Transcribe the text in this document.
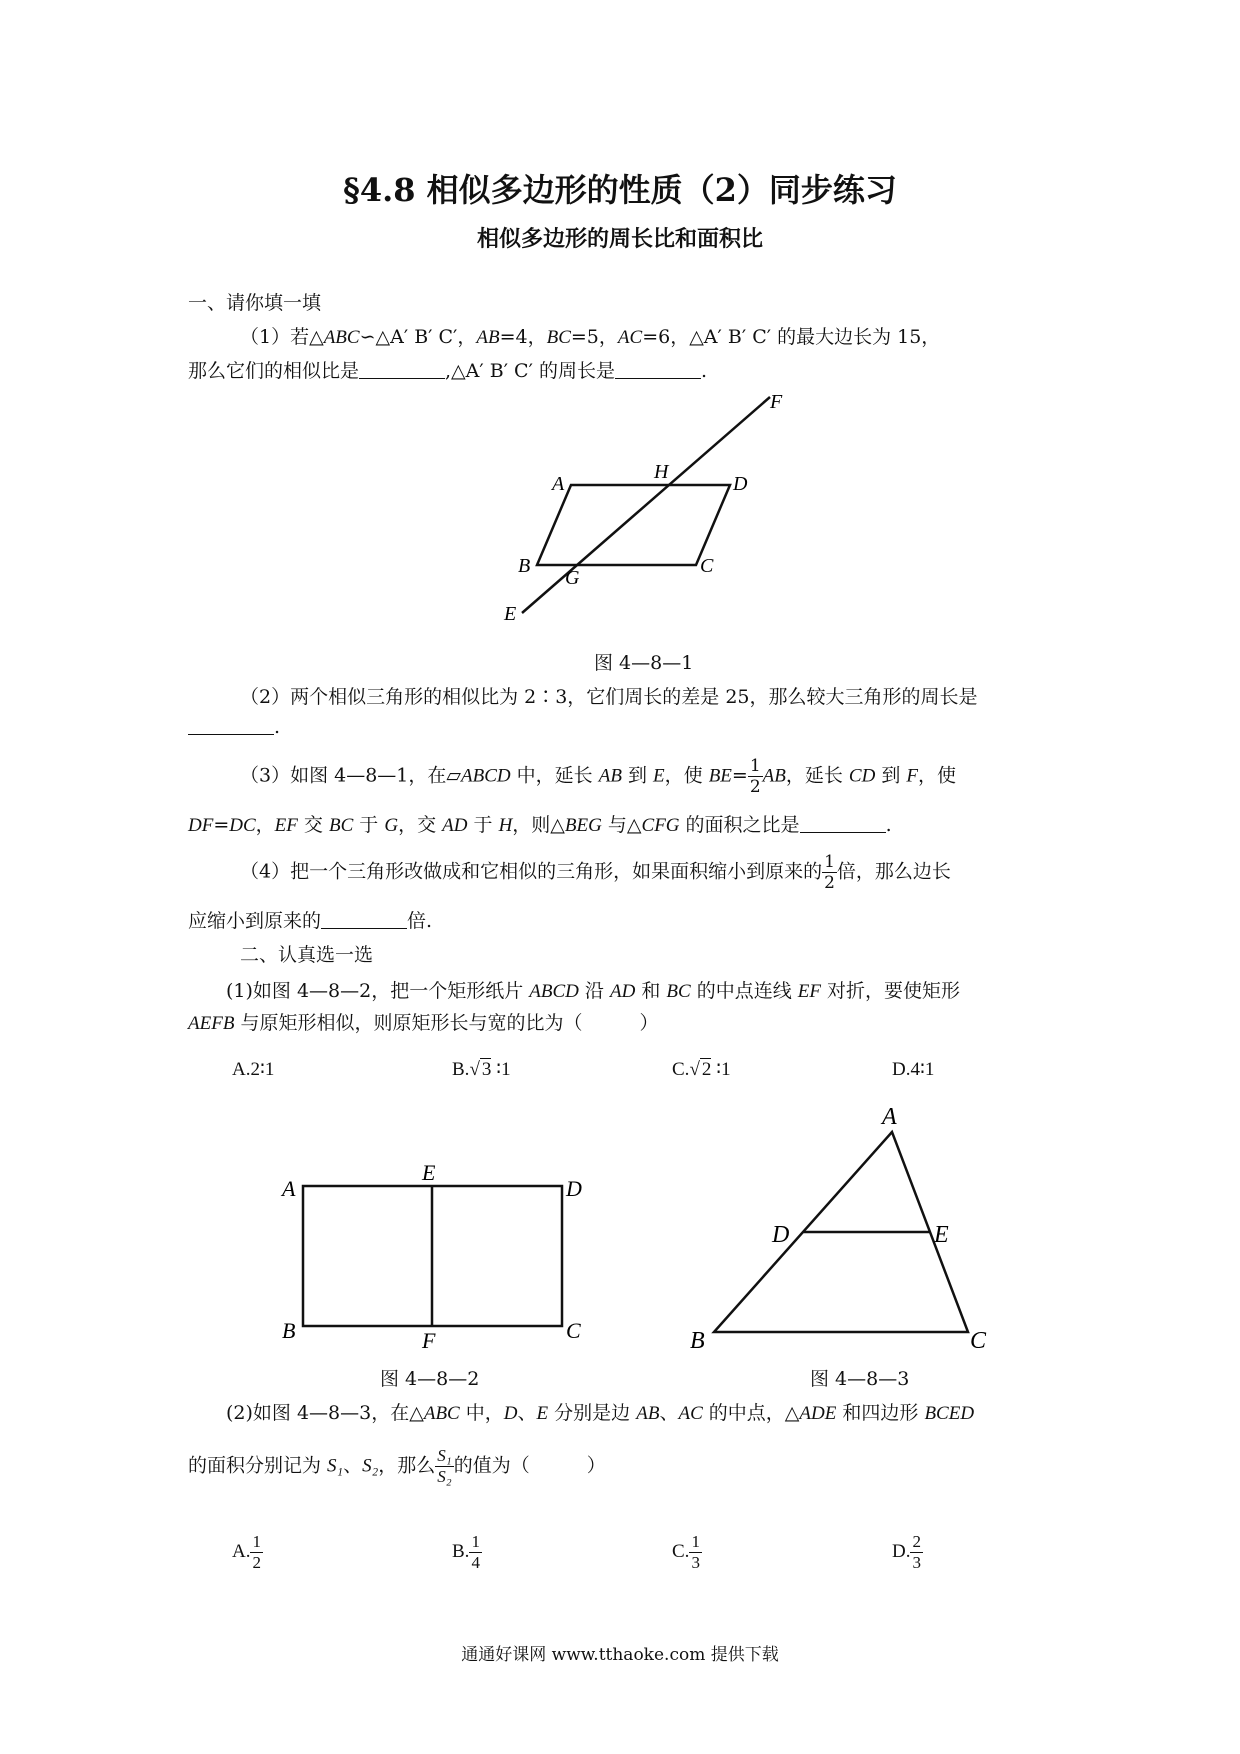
§4.8 相似多边形的性质（2）同步练习
相似多边形的周长比和面积比
一、请你填一填
（1）若△ABC∽△A′ B′ C′，AB=4，BC=5，AC=6，△A′ B′ C′ 的最大边长为 15，
那么它们的相似比是	,△A′ B′ C′ 的周长是	.
A	D
B	C
E
F
G
H
图 4—8—1
（2）两个相似三角形的相似比为 2∶3，它们周长的差是 25，那么较大三角形的周长是
.
（3）如图 4—8—1，在▱ABCD 中，延长 AB 到 E，使 $BE= \frac{1}{2}$ AB，延长 CD 到 F，使
DF=DC，EF 交 BC 于 G，交 AD 于 H，则△BEG 与△CFG 的面积之比是	.
（4）把一个三角形改做成和它相似的三角形，如果面积缩小到原来的 $\frac{1}{2}$ 倍，那么边长
应缩小到原来的	倍.
二、认真选一选
(1)如图 4—8—2，把一个矩形纸片 ABCD 沿 AD 和 BC 的中点连线 EF 对折，要使矩形
AEFB 与原矩形相似，则原矩形长与宽的比为（　　　）
A.2∶1	B.√ 3 ∶1	C.√ 2 ∶1	D.4∶1
A	D
B	C
E
F
图 4—8—2
A
D	E
B	C
图 4—8—3
(2)如图 4—8—3，在△ABC 中，D、E 分别是边 AB、AC 的中点，△ADE 和四边形 BCED
的面积分别记为 S₁、S₂，那么 $\frac{\text{S₁}}{\text{S₂}}$ 的值为（　　　）
A. $\frac{1}{2}$	B. $\frac{1}{4}$	C. $\frac{1}{3}$	D. $\frac{2}{3}$
通通好课网 www.tthaoke.com 提供下载
